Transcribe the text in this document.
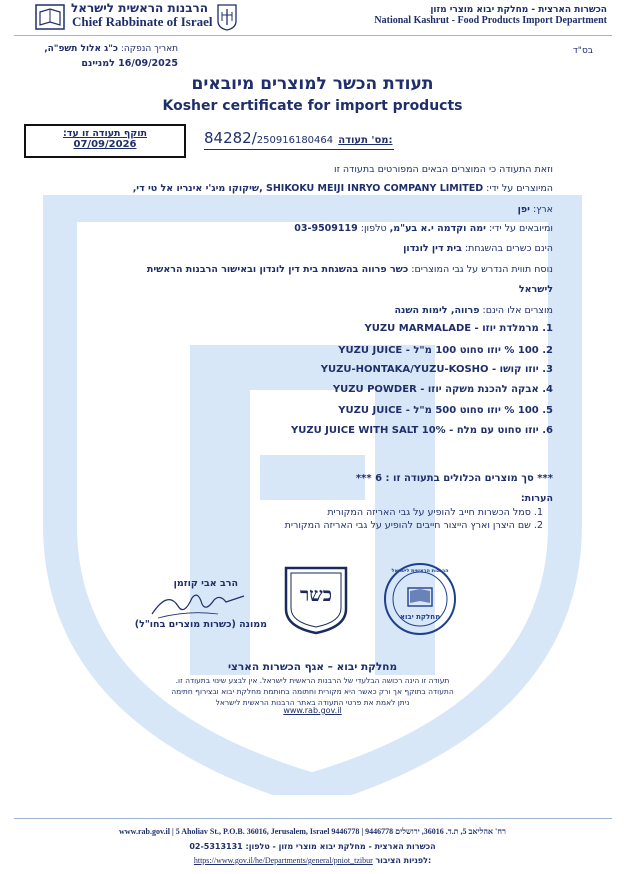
הרבנות הראשית לישראל
Chief Rabbinate of Israel
הכשרות הארצית - מחלקת יבוא מוצרי מזון
National Kashrut - Food Products Import Department
בס"ד
תאריך הנפקה: כ"ג אלול תשפ"ה,
16/09/2025 למניינם
תעודת הכשר למוצרים מיובאים
Kosher certificate for import products
תוקף תעודה זו עד:
07/09/2026	84282/250916180464 מס' תעודה:
וזאת התעודה כי המוצרים הבאים המפורטים בתעודה זו
המיוצרים על ידי: SHIKOKU MEIJI INRYO COMPANY LIMITED ,שיקוקו מיג'י אינריו אל טי די,
ארץ: יפן
ומיובאים על ידי: ימה וקדמה י.א בע"מ, טלפון: 03-9509119
הינם כשרים בהשגחת: בית דין לונדון
נוסח תווית הנדרש על גבי המוצרים: כשר פרווה בהשגחת בית דין לונדון ובאישור הרבנות הראשית
לישראל
מוצרים אלו הינם: פרווה, לימות השנה
1. מרמלדת יוזו - YUZU MARMALADE
2. 100 % יוזו סחוט 100 מ"ל - YUZU JUICE
3. יוזו קושו - YUZU-HONTAKA/YUZU-KOSHO
4. אבקה להכנת משקה יוזו - YUZU POWDER
5. 100 % יוזו סחוט 500 מ"ל - YUZU JUICE
6. יוזו סחוט עם מלח - YUZU JUICE WITH SALT 10%
*** סך מוצרים הכלולים בתעודה זו : 6 ***
הערות:
1. סמל הכשרות חייב להופיע על גבי האריזה המקורית
2. שם היצרן וארץ הייצור חייבים להופיע על גבי האריזה המקורית
הרבנות הראשית לישראל
מחלקת יבוא
כשר
הרב אבי קוזמן
ממונה (כשרות מוצרים בחו"ל)
מחלקת יבוא – אגף הכשרות הארצי
תעודה זו הינה רכושה הבלעדי של הרבנות הראשית לישראל. אין לבצע שינוי בתעודה זו.
התעודה בתוקף אך ורק כאשר היא מקורית וחתומה בחותמת מחלקת יבוא ובצירוף חתימה
ניתן לאמת את פרטי התעודה באתר הרבנות הראשית לישראל
www.rab.gov.il
www.rab.gov.il | 5 Aholiav St., P.O.B. 36016, Jerusalem, Israel 9446778 | 9446778 רח' אהליאב 5, ת.ד. 36016, ירושלים
הכשרות הארצית - מחלקת יבוא מוצרי מזון - טלפון: 02-5313131
https://www.gov.il/he/Departments/general/pniot_tzibur לפניות הציבור:
